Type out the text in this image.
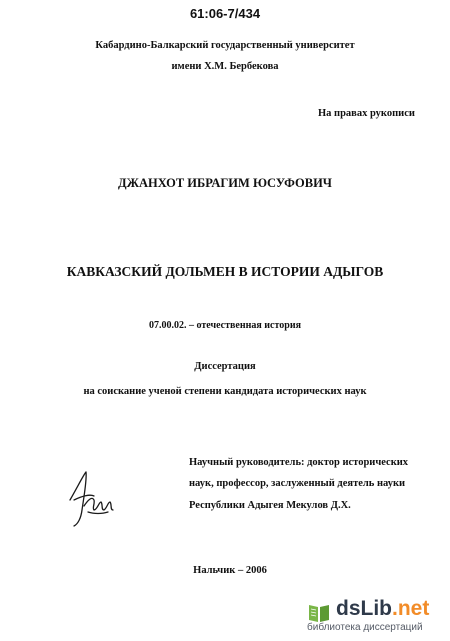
61:06-7/434
Кабардино-Балкарский государственный университет
имени Х.М. Бербекова
На правах рукописи
ДЖАНХОТ ИБРАГИМ ЮСУФОВИЧ
КАВКАЗСКИЙ ДОЛЬМЕН В ИСТОРИИ АДЫГОВ
07.00.02. – отечественная история
Диссертация
на соискание ученой степени кандидата исторических наук
Научный руководитель: доктор исторических
наук, профессор, заслуженный деятель науки
Республики Адыгея Мекулов Д.Х.
Нальчик – 2006
dsLib.net
библиотека диссертаций
